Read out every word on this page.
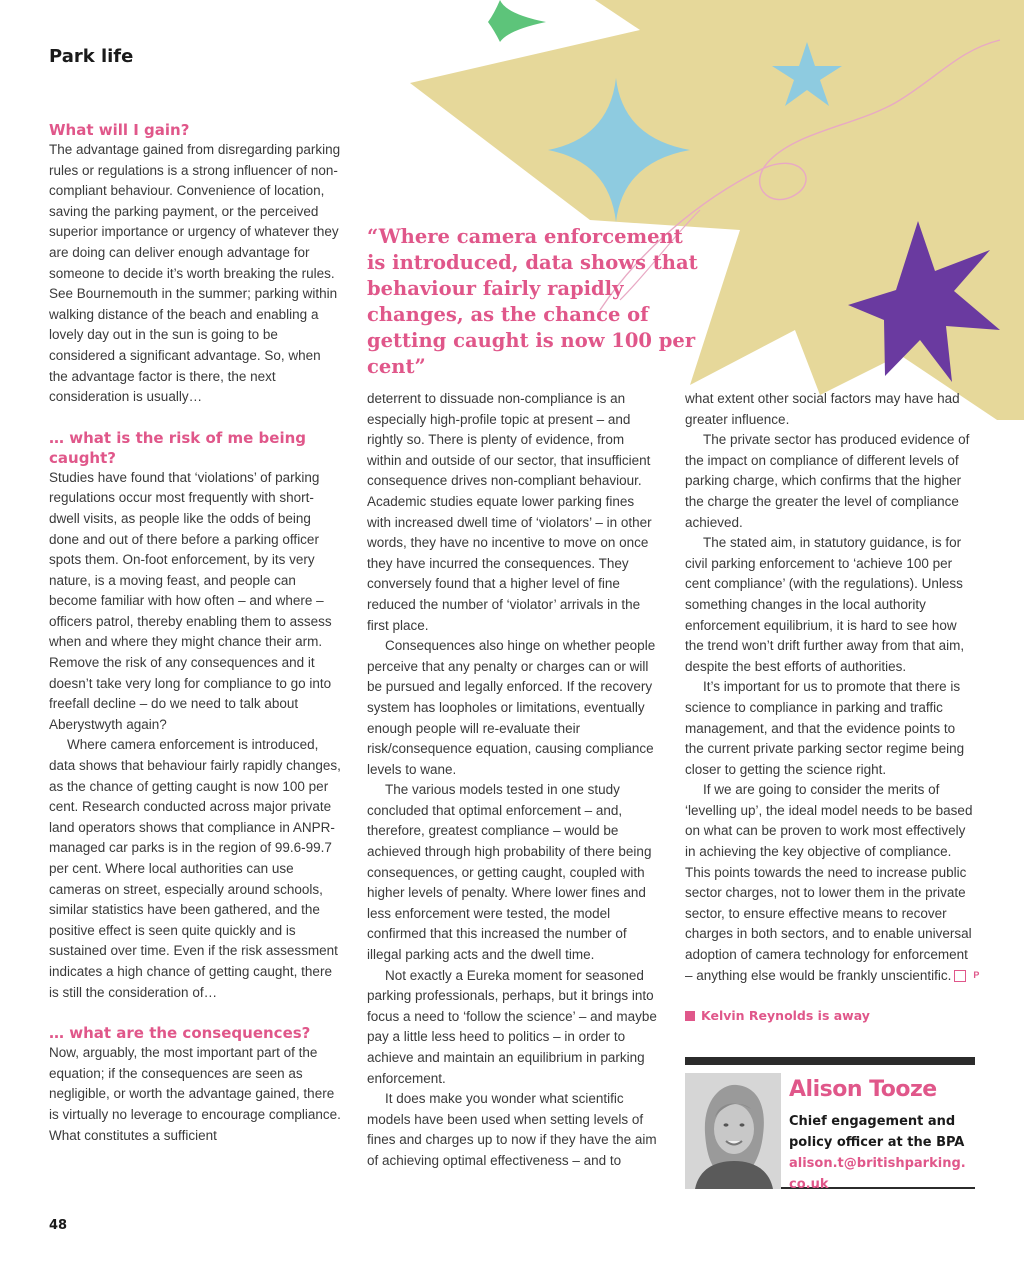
Park life
“Where camera enforcement is introduced, data shows that behaviour fairly rapidly changes, as the chance of getting caught is now 100 per cent”
What will I gain?

The advantage gained from disregarding parking rules or regulations is a strong influencer of non-compliant behaviour. Convenience of location, saving the parking payment, or the perceived superior importance or urgency of whatever they are doing can deliver enough advantage for someone to decide it’s worth breaking the rules. See Bournemouth in the summer; parking within walking distance of the beach and enabling a lovely day out in the sun is going to be considered a significant advantage. So, when the advantage factor is there, the next consideration is usually…

… what is the risk of me being caught?

Studies have found that ‘violations’ of parking regulations occur most frequently with short-dwell visits, as people like the odds of being done and out of there before a parking officer spots them. On-foot enforcement, by its very nature, is a moving feast, and people can become familiar with how often – and where – officers patrol, thereby enabling them to assess when and where they might chance their arm. Remove the risk of any consequences and it doesn’t take very long for compliance to go into freefall decline – do we need to talk about Aberystwyth again?

Where camera enforcement is introduced, data shows that behaviour fairly rapidly changes, as the chance of getting caught is now 100 per cent. Research conducted across major private land operators shows that compliance in ANPR-managed car parks is in the region of 99.6-99.7 per cent. Where local authorities can use cameras on street, especially around schools, similar statistics have been gathered, and the positive effect is seen quite quickly and is sustained over time. Even if the risk assessment indicates a high chance of getting caught, there is still the consideration of…

… what are the consequences?

Now, arguably, the most important part of the equation; if the consequences are seen as negligible, or worth the advantage gained, there is virtually no leverage to encourage compliance. What constitutes a sufficient

deterrent to dissuade non-compliance is an especially high-profile topic at present – and rightly so. There is plenty of evidence, from within and outside of our sector, that insufficient consequence drives non-compliant behaviour. Academic studies equate lower parking fines with increased dwell time of ‘violators’ – in other words, they have no incentive to move on once they have incurred the consequences. They conversely found that a higher level of fine reduced the number of ‘violator’ arrivals in the first place.

Consequences also hinge on whether people perceive that any penalty or charges can or will be pursued and legally enforced. If the recovery system has loopholes or limitations, eventually enough people will re-evaluate their risk/consequence equation, causing compliance levels to wane.

The various models tested in one study concluded that optimal enforcement – and, therefore, greatest compliance – would be achieved through high probability of there being consequences, or getting caught, coupled with higher levels of penalty. Where lower fines and less enforcement were tested, the model confirmed that this increased the number of illegal parking acts and the dwell time.

Not exactly a Eureka moment for seasoned parking professionals, perhaps, but it brings into focus a need to ‘follow the science’ – and maybe pay a little less heed to politics – in order to achieve and maintain an equilibrium in parking enforcement.

It does make you wonder what scientific models have been used when setting levels of fines and charges up to now if they have the aim of achieving optimal effectiveness – and to

what extent other social factors may have had greater influence.

The private sector has produced evidence of the impact on compliance of different levels of parking charge, which confirms that the higher the charge the greater the level of compliance achieved.

The stated aim, in statutory guidance, is for civil parking enforcement to ‘achieve 100 per cent compliance’ (with the regulations). Unless something changes in the local authority enforcement equilibrium, it is hard to see how the trend won’t drift further away from that aim, despite the best efforts of authorities.

It’s important for us to promote that there is science to compliance in parking and traffic management, and that the evidence points to the current private parking sector regime being closer to getting the science right.

If we are going to consider the merits of ‘levelling up’, the ideal model needs to be based on what can be proven to work most effectively in achieving the key objective of compliance. This points towards the need to increase public sector charges, not to lower them in the private sector, to ensure effective means to recover charges in both sectors, and to enable universal adoption of camera technology for enforcement – anything else would be frankly unscientific. P

Kelvin Reynolds is away
Alison Tooze
Chief engagement and policy officer at the BPA
alison.t@britishparking.co.uk
48
